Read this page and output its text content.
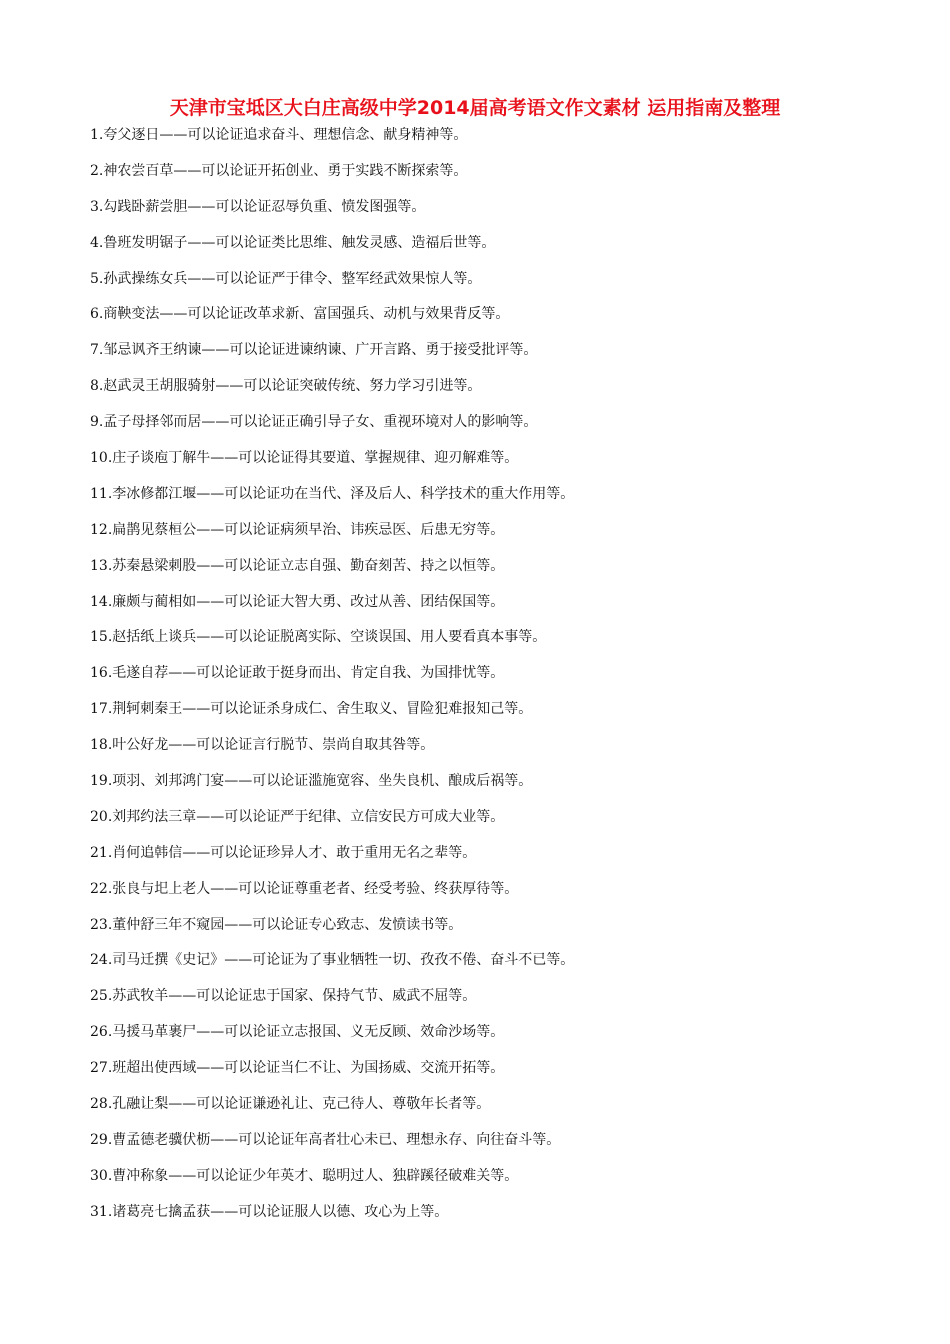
天津市宝坻区大白庄高级中学2014届高考语文作文素材 运用指南及整理
1.夸父逐日——可以论证追求奋斗、理想信念、献身精神等。
2.神农尝百草——可以论证开拓创业、勇于实践不断探索等。
3.勾践卧薪尝胆——可以论证忍辱负重、愤发图强等。
4.鲁班发明锯子——可以论证类比思维、触发灵感、造福后世等。
5.孙武操练女兵——可以论证严于律令、整军经武效果惊人等。
6.商鞅变法——可以论证改革求新、富国强兵、动机与效果背反等。
7.邹忌讽齐王纳谏——可以论证进谏纳谏、广开言路、勇于接受批评等。
8.赵武灵王胡服骑射——可以论证突破传统、努力学习引进等。
9.孟子母择邻而居——可以论证正确引导子女、重视环境对人的影响等。
10.庄子谈庖丁解牛——可以论证得其要道、掌握规律、迎刃解难等。
11.李冰修都江堰——可以论证功在当代、泽及后人、科学技术的重大作用等。
12.扁鹊见蔡桓公——可以论证病须早治、讳疾忌医、后患无穷等。
13.苏秦悬梁刺股——可以论证立志自强、勤奋刻苦、持之以恒等。
14.廉颇与蔺相如——可以论证大智大勇、改过从善、团结保国等。
15.赵括纸上谈兵——可以论证脱离实际、空谈误国、用人要看真本事等。
16.毛遂自荐——可以论证敢于挺身而出、肯定自我、为国排忧等。
17.荆轲刺秦王——可以论证杀身成仁、舍生取义、冒险犯难报知己等。
18.叶公好龙——可以论证言行脱节、崇尚自取其咎等。
19.项羽、刘邦鸿门宴——可以论证滥施宽容、坐失良机、酿成后祸等。
20.刘邦约法三章——可以论证严于纪律、立信安民方可成大业等。
21.肖何追韩信——可以论证珍异人才、敢于重用无名之辈等。
22.张良与圯上老人——可以论证尊重老者、经受考验、终获厚待等。
23.董仲舒三年不窥园——可以论证专心致志、发愤读书等。
24.司马迁撰《史记》——可论证为了事业牺牲一切、孜孜不倦、奋斗不已等。
25.苏武牧羊——可以论证忠于国家、保持气节、威武不屈等。
26.马援马革裹尸——可以论证立志报国、义无反顾、效命沙场等。
27.班超出使西域——可以论证当仁不让、为国扬威、交流开拓等。
28.孔融让梨——可以论证谦逊礼让、克己待人、尊敬年长者等。
29.曹孟德老骥伏枥——可以论证年高者壮心未已、理想永存、向往奋斗等。
30.曹冲称象——可以论证少年英才、聪明过人、独辟蹊径破难关等。
31.诸葛亮七擒孟获——可以论证服人以德、攻心为上等。
